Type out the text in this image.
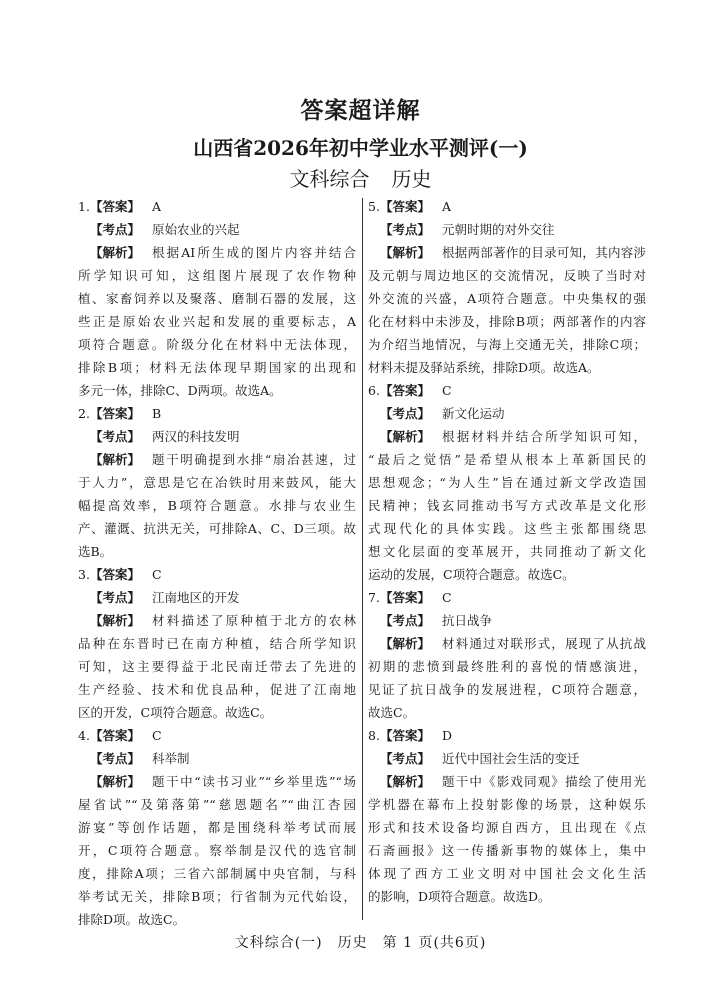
答案超详解
山西省2026年初中学业水平测评(一)
文科综合 历史
1. 【答案】 A
【考点】 原始农业的兴起
【解析】 根据AI所生成的图片内容并结合
所学知识可知，这组图片展现了农作物种
植、家畜饲养以及聚落、磨制石器的发展，这
些正是原始农业兴起和发展的重要标志，A
项符合题意。阶级分化在材料中无法体现，
排除B项；材料无法体现早期国家的出现和
多元一体，排除C、D两项。故选A。
2. 【答案】 B
【考点】 两汉的科技发明
【解析】 题干明确提到水排“扇冶甚速，过
于人力”，意思是它在冶铁时用来鼓风，能大
幅提高效率，B项符合题意。水排与农业生
产、灌溉、抗洪无关，可排除A、C、D三项。故
选B。
3. 【答案】 C
【考点】 江南地区的开发
【解析】 材料描述了原种植于北方的农林
品种在东晋时已在南方种植，结合所学知识
可知，这主要得益于北民南迁带去了先进的
生产经验、技术和优良品种，促进了江南地
区的开发，C项符合题意。故选C。
4. 【答案】 C
【考点】 科举制
【解析】 题干中“读书习业”“乡举里选”“场
屋省试”“及第落第”“慈恩题名”“曲江杏园
游宴”等创作话题，都是围绕科举考试而展
开，C项符合题意。察举制是汉代的选官制
度，排除A项；三省六部制属中央官制，与科
举考试无关，排除B项；行省制为元代始设，
排除D项。故选C。
5. 【答案】 A
【考点】 元朝时期的对外交往
【解析】 根据两部著作的目录可知，其内容涉
及元朝与周边地区的交流情况，反映了当时对
外交流的兴盛，A项符合题意。中央集权的强
化在材料中未涉及，排除B项；两部著作的内容
为介绍当地情况，与海上交通无关，排除C项；
材料未提及驿站系统，排除D项。故选A。
6. 【答案】 C
【考点】 新文化运动
【解析】 根据材料并结合所学知识可知，
“最后之觉悟”是希望从根本上革新国民的
思想观念；“为人生”旨在通过新文学改造国
民精神；钱玄同推动书写方式改革是文化形
式现代化的具体实践。这些主张都围绕思
想文化层面的变革展开，共同推动了新文化
运动的发展，C项符合题意。故选C。
7. 【答案】 C
【考点】 抗日战争
【解析】 材料通过对联形式，展现了从抗战
初期的悲愤到最终胜利的喜悦的情感演进，
见证了抗日战争的发展进程，C项符合题意，
故选C。
8. 【答案】 D
【考点】 近代中国社会生活的变迁
【解析】 题干中《影戏同观》描绘了使用光
学机器在幕布上投射影像的场景，这种娱乐
形式和技术设备均源自西方，且出现在《点
石斋画报》这一传播新事物的媒体上，集中
体现了西方工业文明对中国社会文化生活
的影响，D项符合题意。故选D。
文科综合(一)　历史　第 1 页(共6页)
